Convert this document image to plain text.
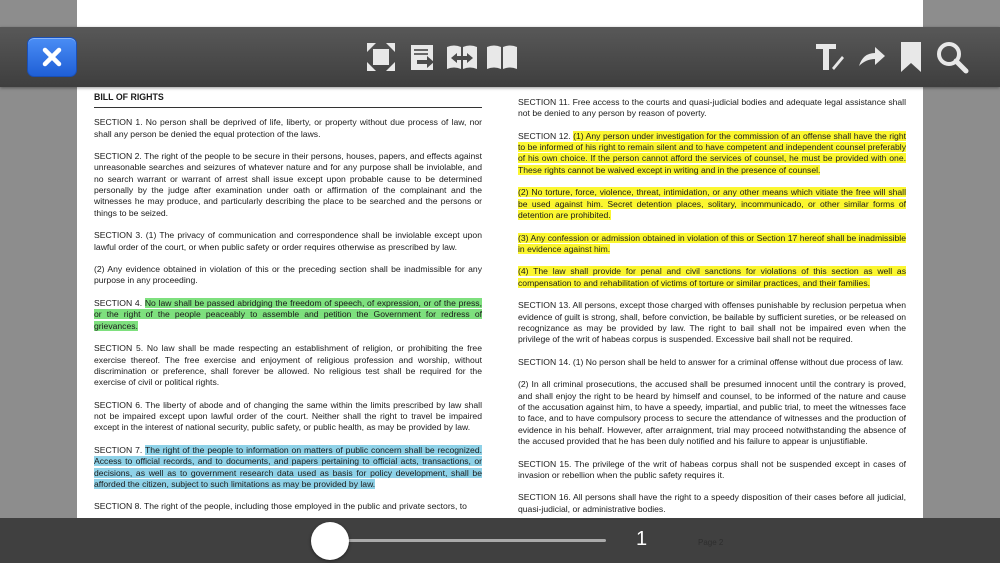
BILL OF RIGHTS

SECTION 1. No person shall be deprived of life, liberty, or property without due process of law, nor shall any person be denied the equal protection of the laws.

SECTION 2. The right of the people to be secure in their persons, houses, papers, and effects against unreasonable searches and seizures of whatever nature and for any purpose shall be inviolable, and no search warrant or warrant of arrest shall issue except upon probable cause to be determined personally by the judge after examination under oath or affirmation of the complainant and the witnesses he may produce, and particularly describing the place to be searched and the persons or things to be seized.

SECTION 3. (1) The privacy of communication and correspondence shall be inviolable except upon lawful order of the court, or when public safety or order requires otherwise as prescribed by law.

(2) Any evidence obtained in violation of this or the preceding section shall be inadmissible for any purpose in any proceeding.

SECTION 4. No law shall be passed abridging the freedom of speech, of expression, or of the press, or the right of the people peaceably to assemble and petition the Government for redress of grievances.

SECTION 5. No law shall be made respecting an establishment of religion, or prohibiting the free exercise thereof. The free exercise and enjoyment of religious profession and worship, without discrimination or preference, shall forever be allowed. No religious test shall be required for the exercise of civil or political rights.

SECTION 6. The liberty of abode and of changing the same within the limits prescribed by law shall not be impaired except upon lawful order of the court. Neither shall the right to travel be impaired except in the interest of national security, public safety, or public health, as may be provided by law.

SECTION 7. The right of the people to information on matters of public concern shall be recognized. Access to official records, and to documents, and papers pertaining to official acts, transactions, or decisions, as well as to government research data used as basis for policy development, shall be afforded the citizen, subject to such limitations as may be provided by law.

SECTION 8. The right of the people, including those employed in the public and private sectors, to

SECTION 11. Free access to the courts and quasi-judicial bodies and adequate legal assistance shall not be denied to any person by reason of poverty.

SECTION 12. (1) Any person under investigation for the commission of an offense shall have the right to be informed of his right to remain silent and to have competent and independent counsel preferably of his own choice. If the person cannot afford the services of counsel, he must be provided with one. These rights cannot be waived except in writing and in the presence of counsel.

(2) No torture, force, violence, threat, intimidation, or any other means which vitiate the free will shall be used against him. Secret detention places, solitary, incommunicado, or other similar forms of detention are prohibited.

(3) Any confession or admission obtained in violation of this or Section 17 hereof shall be inadmissible in evidence against him.

(4) The law shall provide for penal and civil sanctions for violations of this section as well as compensation to and rehabilitation of victims of torture or similar practices, and their families.

SECTION 13. All persons, except those charged with offenses punishable by reclusion perpetua when evidence of guilt is strong, shall, before conviction, be bailable by sufficient sureties, or be released on recognizance as may be provided by law. The right to bail shall not be impaired even when the privilege of the writ of habeas corpus is suspended. Excessive bail shall not be required.

SECTION 14. (1) No person shall be held to answer for a criminal offense without due process of law.

(2) In all criminal prosecutions, the accused shall be presumed innocent until the contrary is proved, and shall enjoy the right to be heard by himself and counsel, to be informed of the nature and cause of the accusation against him, to have a speedy, impartial, and public trial, to meet the witnesses face to face, and to have compulsory process to secure the attendance of witnesses and the production of evidence in his behalf. However, after arraignment, trial may proceed notwithstanding the absence of the accused provided that he has been duly notified and his failure to appear is unjustifiable.

SECTION 15. The privilege of the writ of habeas corpus shall not be suspended except in cases of invasion or rebellion when the public safety requires it.

SECTION 16. All persons shall have the right to a speedy disposition of their cases before all judicial, quasi-judicial, or administrative bodies.

1	Page 2
